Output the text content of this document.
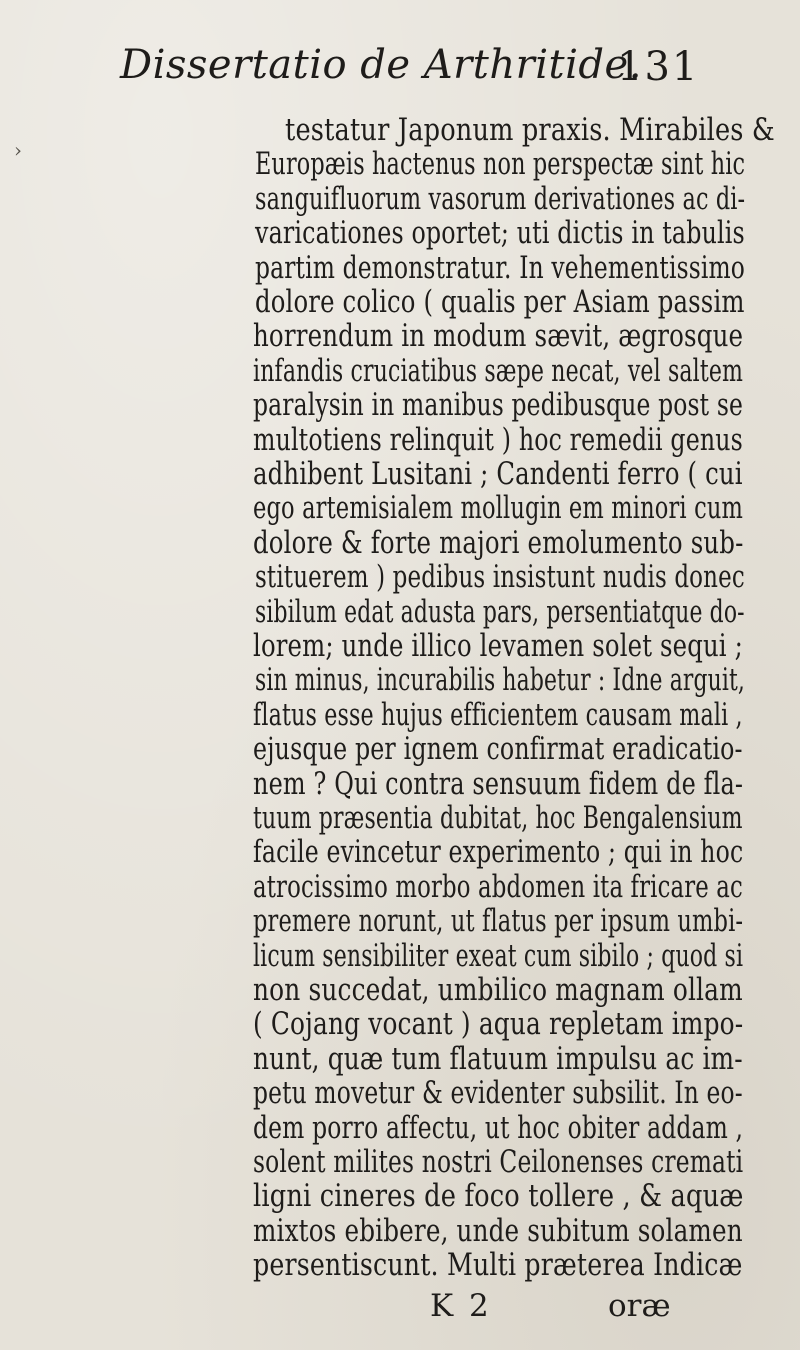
Dissertatio de Arthritide.
131
›
testatur Japonum praxis. Mirabiles &
Europæis hactenus non perspectæ sint hic
sanguifluorum vasorum derivationes ac di-
varicationes oportet; uti dictis in tabulis
partim demonstratur. In vehementissimo
dolore colico ( qualis per Asiam passim
horrendum in modum sævit, ægrosque
infandis cruciatibus sæpe necat, vel saltem
paralysin in manibus pedibusque post se
multotiens relinquit ) hoc remedii genus
adhibent Lusitani ; Candenti ferro ( cui
ego artemisialem mollugin em minori cum
dolore & forte majori emolumento sub-
stituerem ) pedibus insistunt nudis donec
sibilum edat adusta pars, persentiatque do-
lorem; unde illico levamen solet sequi ;
sin minus, incurabilis habetur : Idne arguit,
flatus esse hujus efficientem causam mali ,
ejusque per ignem confirmat eradicatio-
nem ? Qui contra sensuum fidem de fla-
tuum præsentia dubitat, hoc Bengalensium
facile evincetur experimento ; qui in hoc
atrocissimo morbo abdomen ita fricare ac
premere norunt, ut flatus per ipsum umbi-
licum sensibiliter exeat cum sibilo ; quod si
non succedat, umbilico magnam ollam
( Cojang vocant ) aqua repletam impo-
nunt, quæ tum flatuum impulsu ac im-
petu movetur & evidenter subsilit. In eo-
dem porro affectu, ut hoc obiter addam ,
solent milites nostri Ceilonenses cremati
ligni cineres de foco tollere , & aquæ
mixtos ebibere, unde subitum solamen
persentiscunt. Multi præterea Indicæ
K 2	oræ
